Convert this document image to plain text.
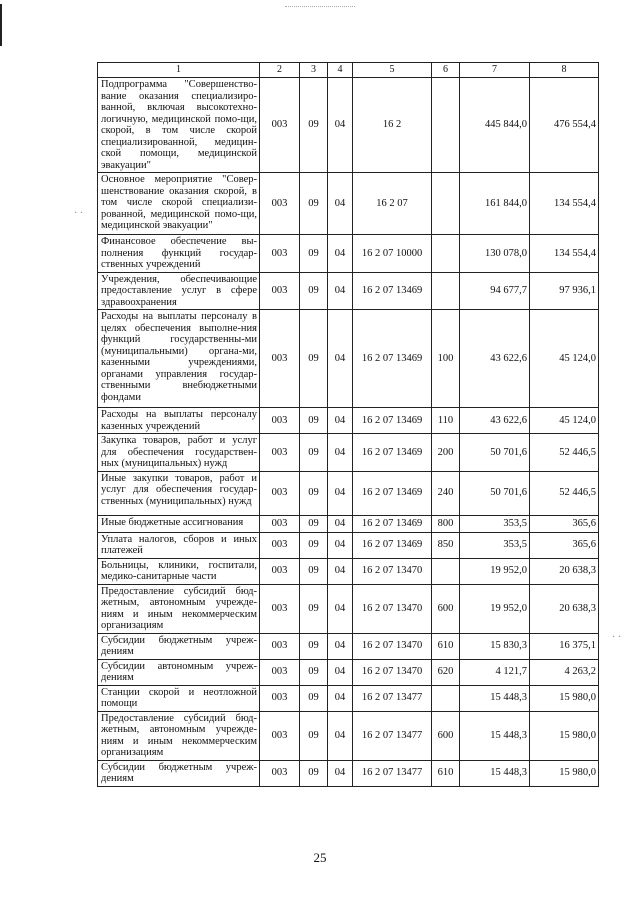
1	2	3	4	5	6	7	8
Подпрограмма "Совершенство-вание оказания специализиро-ванной, включая высокотехно-логичную, медицинской помо-щи, скорой, в том числе скорой специализированной, медицин-ской помощи, медицинской эвакуации"	003	09	04	16 2		445 844,0	476 554,4
Основное мероприятие "Совер-шенствование оказания скорой, в том числе скорой специализи-рованной, медицинской помо-щи, медицинской эвакуации"	003	09	04	16 2 07		161 844,0	134 554,4
Финансовое обеспечение вы-полнения функций государ-ственных учреждений	003	09	04	16 2 07 10000		130 078,0	134 554,4
Учреждения, обеспечивающие предоставление услуг в сфере здравоохранения	003	09	04	16 2 07 13469		94 677,7	97 936,1
Расходы на выплаты персоналу в целях обеспечения выполне-ния функций государственны-ми (муниципальными) органа-ми, казенными учреждениями, органами управления государ-ственными внебюджетными фондами	003	09	04	16 2 07 13469	100	43 622,6	45 124,0
Расходы на выплаты персоналу казенных учреждений	003	09	04	16 2 07 13469	110	43 622,6	45 124,0
Закупка товаров, работ и услуг для обеспечения государствен-ных (муниципальных) нужд	003	09	04	16 2 07 13469	200	50 701,6	52 446,5
Иные закупки товаров, работ и услуг для обеспечения государ-ственных (муниципальных) нужд	003	09	04	16 2 07 13469	240	50 701,6	52 446,5
Иные бюджетные ассигнования	003	09	04	16 2 07 13469	800	353,5	365,6
Уплата налогов, сборов и иных платежей	003	09	04	16 2 07 13469	850	353,5	365,6
Больницы, клиники, госпитали, медико-санитарные части	003	09	04	16 2 07 13470		19 952,0	20 638,3
Предоставление субсидий бюд-жетным, автономным учрежде-ниям и иным некоммерческим организациям	003	09	04	16 2 07 13470	600	19 952,0	20 638,3
Субсидии бюджетным учреж-дениям	003	09	04	16 2 07 13470	610	15 830,3	16 375,1
Субсидии автономным учреж-дениям	003	09	04	16 2 07 13470	620	4 121,7	4 263,2
Станции скорой и неотложной помощи	003	09	04	16 2 07 13477		15 448,3	15 980,0
Предоставление субсидий бюд-жетным, автономным учрежде-ниям и иным некоммерческим организациям	003	09	04	16 2 07 13477	600	15 448,3	15 980,0
Субсидии бюджетным учреж-дениям	003	09	04	16 2 07 13477	610	15 448,3	15 980,0
25
· ·
· ·
